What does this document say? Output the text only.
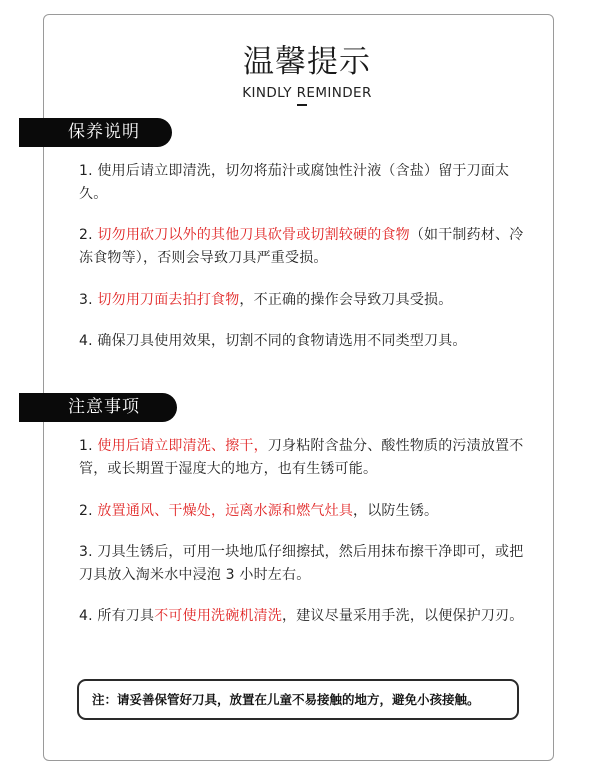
温馨提示
KINDLY REMINDER
保养说明
1. 使用后请立即清洗，切勿将茄汁或腐蚀性汁液（含盐）留于刀面太久。
2. 切勿用砍刀以外的其他刀具砍骨或切割较硬的食物（如干制药材、冷冻食物等），否则会导致刀具严重受损。
3. 切勿用刀面去拍打食物，不正确的操作会导致刀具受损。
4. 确保刀具使用效果，切割不同的食物请选用不同类型刀具。
注意事项
1. 使用后请立即清洗、擦干，刀身粘附含盐分、酸性物质的污渍放置不管，或长期置于湿度大的地方，也有生锈可能。
2. 放置通风、干燥处，远离水源和燃气灶具，以防生锈。
3. 刀具生锈后，可用一块地瓜仔细擦拭，然后用抹布擦干净即可，或把刀具放入淘米水中浸泡 3 小时左右。
4. 所有刀具不可使用洗碗机清洗，建议尽量采用手洗，以便保护刀刃。
注：请妥善保管好刀具，放置在儿童不易接触的地方，避免小孩接触。
